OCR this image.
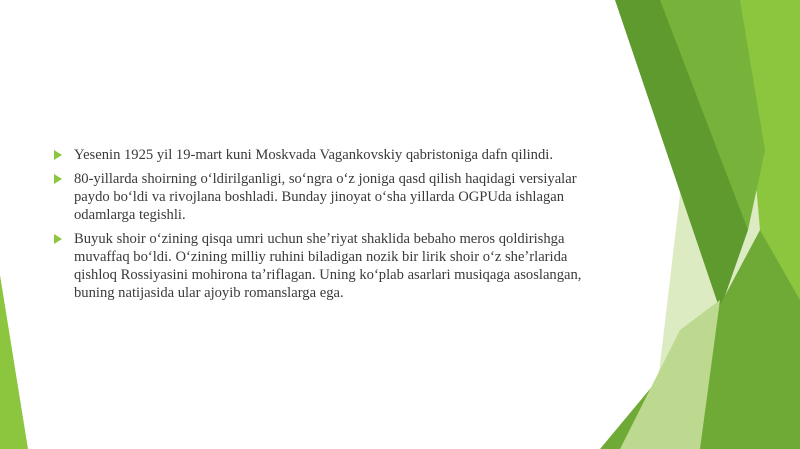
Yesenin 1925 yil 19-mart kuni Moskvada Vagankovskiy qabristoniga dafn qilindi.
80-yillarda shoirning oʻldirilganligi, soʻngra oʻz joniga qasd qilish haqidagi versiyalar paydo boʻldi va rivojlana boshladi. Bunday jinoyat oʻsha yillarda OGPUda ishlagan odamlarga tegishli.
Buyuk shoir oʻzining qisqa umri uchun sheʼriyat shaklida bebaho meros qoldirishga muvaffaq boʻldi. Oʻzining milliy ruhini biladigan nozik bir lirik shoir oʻz sheʼrlarida qishloq Rossiyasini mohirona taʼriflagan. Uning koʻplab asarlari musiqaga asoslangan, buning natijasida ular ajoyib romanslarga ega.
